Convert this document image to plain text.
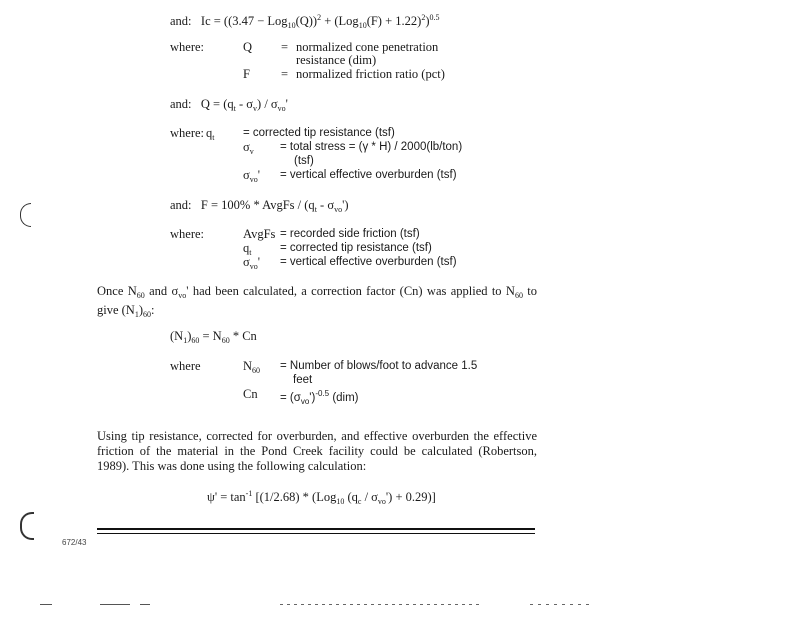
and: $Ic = ((3.47 - Log_{10}(Q))^2 + (Log_{10}(F) + 1.22)^2)^{0.5}$
where:	Q = normalized cone penetration
resistance (dim)
F = normalized friction ratio (pct)
and: $Q = (q_t - \sigma_v) / \sigma_{vo}'$
where: $q_t$ = corrected tip resistance (tsf)
$\sigma_v$ = total stress = (γ * H) / 2000(lb/ton)
(tsf)
$\sigma_{vo}'$ = vertical effective overburden (tsf)
and: F = 100% * AvgFs / $(q_t - \sigma_{vo}')$
where:	AvgFs = recorded side friction (tsf)
$q_t$ = corrected tip resistance (tsf)
$\sigma_{vo}'$ = vertical effective overburden (tsf)
Once $N_{60}$ and $\sigma_{vo}'$ had been calculated, a correction factor (Cn) was applied to $N_{60}$ to give $(N_1)_{60}$:
$(N_1)_{60} = N_{60} * Cn$
where	$N_{60}$ = Number of blows/foot to advance 1.5
feet
$Cn = (\sigma_{vo}')^{-0.5}$ (dim)
Using tip resistance, corrected for overburden, and effective overburden the effective friction of the material in the Pond Creek facility could be calculated (Robertson, 1989). This was done using the following calculation:
$\psi' = \tan^{-1} [(1/2.68) * (Log_{10}$ $(q_c / \sigma_{vo}') + 0.29$)]
672/43
